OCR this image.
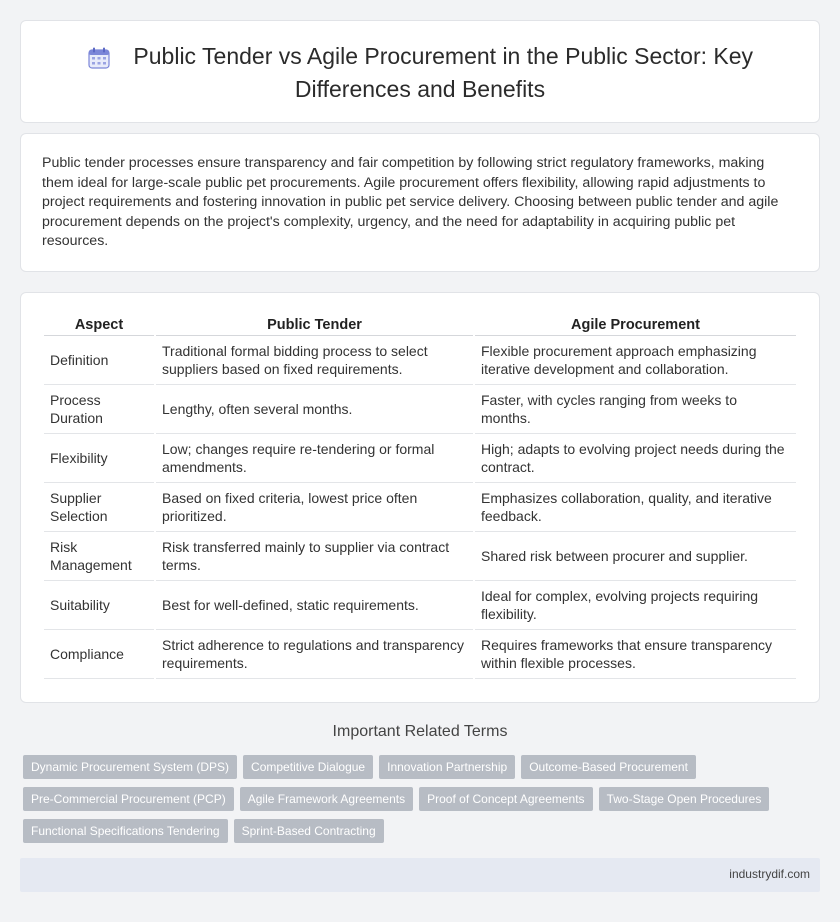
Public Tender vs Agile Procurement in the Public Sector: Key Differences and Benefits

Public tender processes ensure transparency and fair competition by following strict regulatory frameworks, making them ideal for large-scale public pet procurements. Agile procurement offers flexibility, allowing rapid adjustments to project requirements and fostering innovation in public pet service delivery. Choosing between public tender and agile procurement depends on the project's complexity, urgency, and the need for adaptability in acquiring public pet resources.

Aspect	Public Tender	Agile Procurement
Definition	Traditional formal bidding process to select suppliers based on fixed requirements.	Flexible procurement approach emphasizing iterative development and collaboration.
Process Duration	Lengthy, often several months.	Faster, with cycles ranging from weeks to months.
Flexibility	Low; changes require re-tendering or formal amendments.	High; adapts to evolving project needs during the contract.
Supplier Selection	Based on fixed criteria, lowest price often prioritized.	Emphasizes collaboration, quality, and iterative feedback.
Risk Management	Risk transferred mainly to supplier via contract terms.	Shared risk between procurer and supplier.
Suitability	Best for well-defined, static requirements.	Ideal for complex, evolving projects requiring flexibility.
Compliance	Strict adherence to regulations and transparency requirements.	Requires frameworks that ensure transparency within flexible processes.
Important Related Terms
Dynamic Procurement System (DPS)	Competitive Dialogue	Innovation Partnership	Outcome-Based Procurement
Pre-Commercial Procurement (PCP)	Agile Framework Agreements	Proof of Concept Agreements	Two-Stage Open Procedures
Functional Specifications Tendering	Sprint-Based Contracting
industrydif.com
